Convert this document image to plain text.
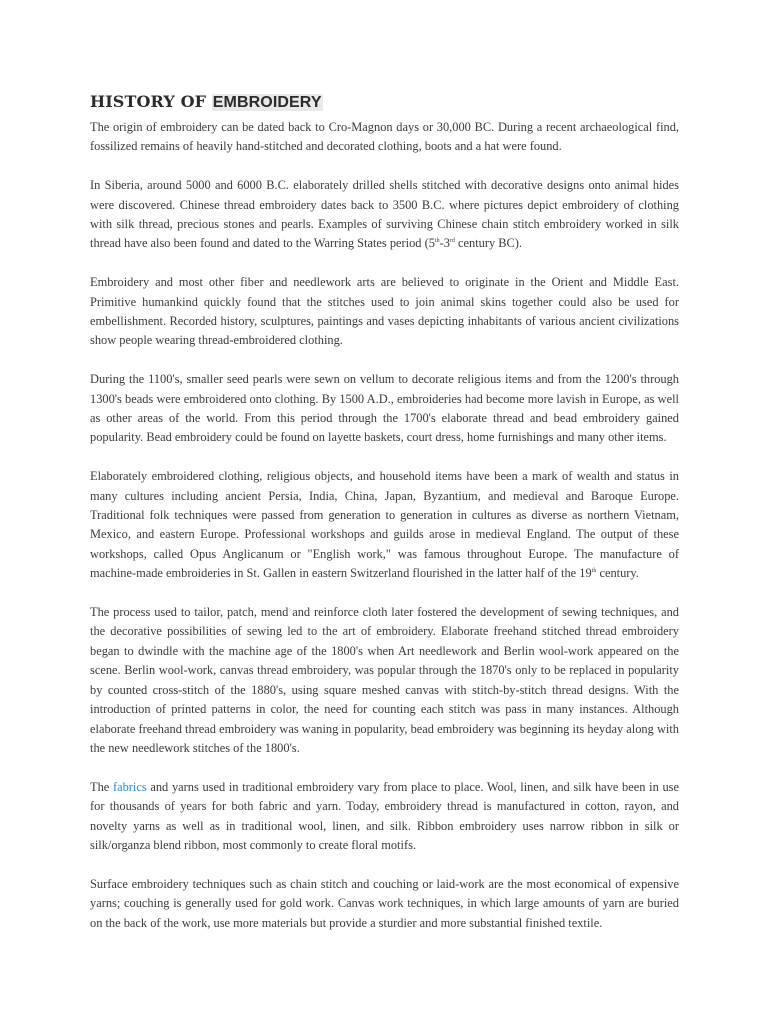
HISTORY OF EMBROIDERY

The origin of embroidery can be dated back to Cro-Magnon days or 30,000 BC. During a recent archaeological find, fossilized remains of heavily hand-stitched and decorated clothing, boots and a hat were found.

In Siberia, around 5000 and 6000 B.C. elaborately drilled shells stitched with decorative designs onto animal hides were discovered. Chinese thread embroidery dates back to 3500 B.C. where pictures depict embroidery of clothing with silk thread, precious stones and pearls. Examples of surviving Chinese chain stitch embroidery worked in silk thread have also been found and dated to the Warring States period (5th-3rd century BC).

Embroidery and most other fiber and needlework arts are believed to originate in the Orient and Middle East. Primitive humankind quickly found that the stitches used to join animal skins together could also be used for embellishment. Recorded history, sculptures, paintings and vases depicting inhabitants of various ancient civilizations show people wearing thread-embroidered clothing.

During the 1100's, smaller seed pearls were sewn on vellum to decorate religious items and from the 1200's through 1300's beads were embroidered onto clothing. By 1500 A.D., embroideries had become more lavish in Europe, as well as other areas of the world. From this period through the 1700's elaborate thread and bead embroidery gained popularity. Bead embroidery could be found on layette baskets, court dress, home furnishings and many other items.

Elaborately embroidered clothing, religious objects, and household items have been a mark of wealth and status in many cultures including ancient Persia, India, China, Japan, Byzantium, and medieval and Baroque Europe. Traditional folk techniques were passed from generation to generation in cultures as diverse as northern Vietnam, Mexico, and eastern Europe. Professional workshops and guilds arose in medieval England. The output of these workshops, called Opus Anglicanum or "English work," was famous throughout Europe. The manufacture of machine-made embroideries in St. Gallen in eastern Switzerland flourished in the latter half of the 19th century.

The process used to tailor, patch, mend and reinforce cloth later fostered the development of sewing techniques, and the decorative possibilities of sewing led to the art of embroidery. Elaborate freehand stitched thread embroidery began to dwindle with the machine age of the 1800's when Art needlework and Berlin wool-work appeared on the scene. Berlin wool-work, canvas thread embroidery, was popular through the 1870's only to be replaced in popularity by counted cross-stitch of the 1880's, using square meshed canvas with stitch-by-stitch thread designs. With the introduction of printed patterns in color, the need for counting each stitch was pass in many instances. Although elaborate freehand thread embroidery was waning in popularity, bead embroidery was beginning its heyday along with the new needlework stitches of the 1800's.

The fabrics and yarns used in traditional embroidery vary from place to place. Wool, linen, and silk have been in use for thousands of years for both fabric and yarn. Today, embroidery thread is manufactured in cotton, rayon, and novelty yarns as well as in traditional wool, linen, and silk. Ribbon embroidery uses narrow ribbon in silk or silk/organza blend ribbon, most commonly to create floral motifs.

Surface embroidery techniques such as chain stitch and couching or laid-work are the most economical of expensive yarns; couching is generally used for gold work. Canvas work techniques, in which large amounts of yarn are buried on the back of the work, use more materials but provide a sturdier and more substantial finished textile.
